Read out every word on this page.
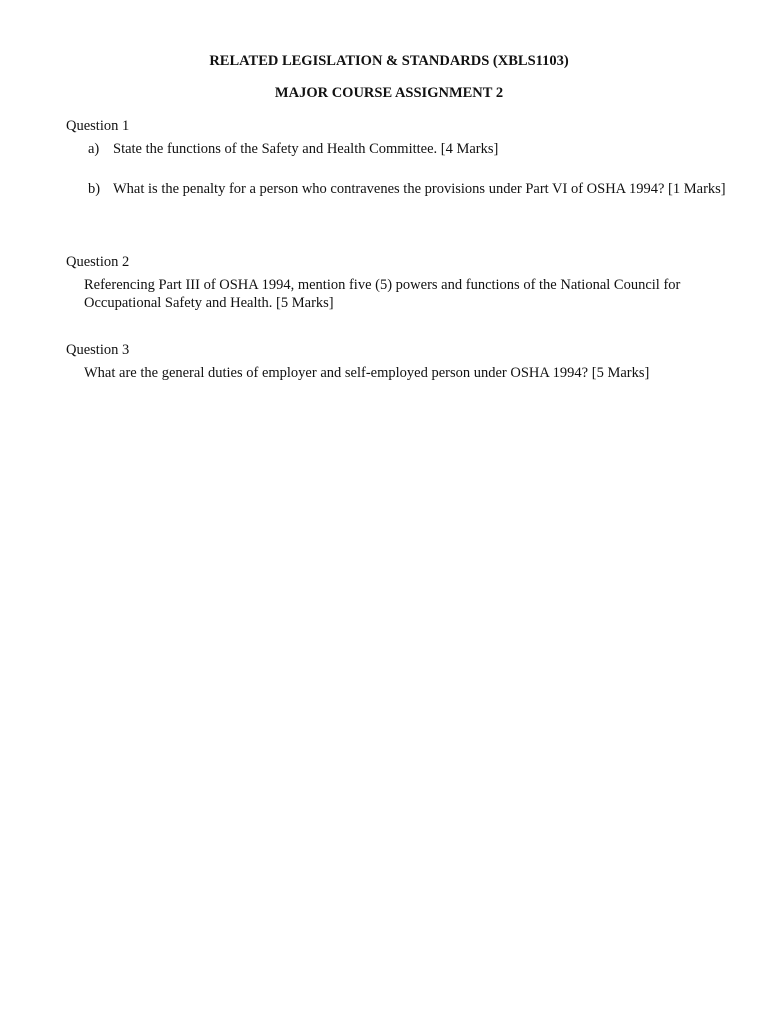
RELATED LEGISLATION & STANDARDS (XBLS1103)
MAJOR COURSE ASSIGNMENT 2

Question 1

a) State the functions of the Safety and Health Committee. [4 Marks]
b) What is the penalty for a person who contravenes the provisions under Part VI of OSHA 1994? [1 Marks]

Question 2

Referencing Part III of OSHA 1994, mention five (5) powers and functions of the National Council for Occupational Safety and Health. [5 Marks]

Question 3

What are the general duties of employer and self-employed person under OSHA 1994? [5 Marks]
